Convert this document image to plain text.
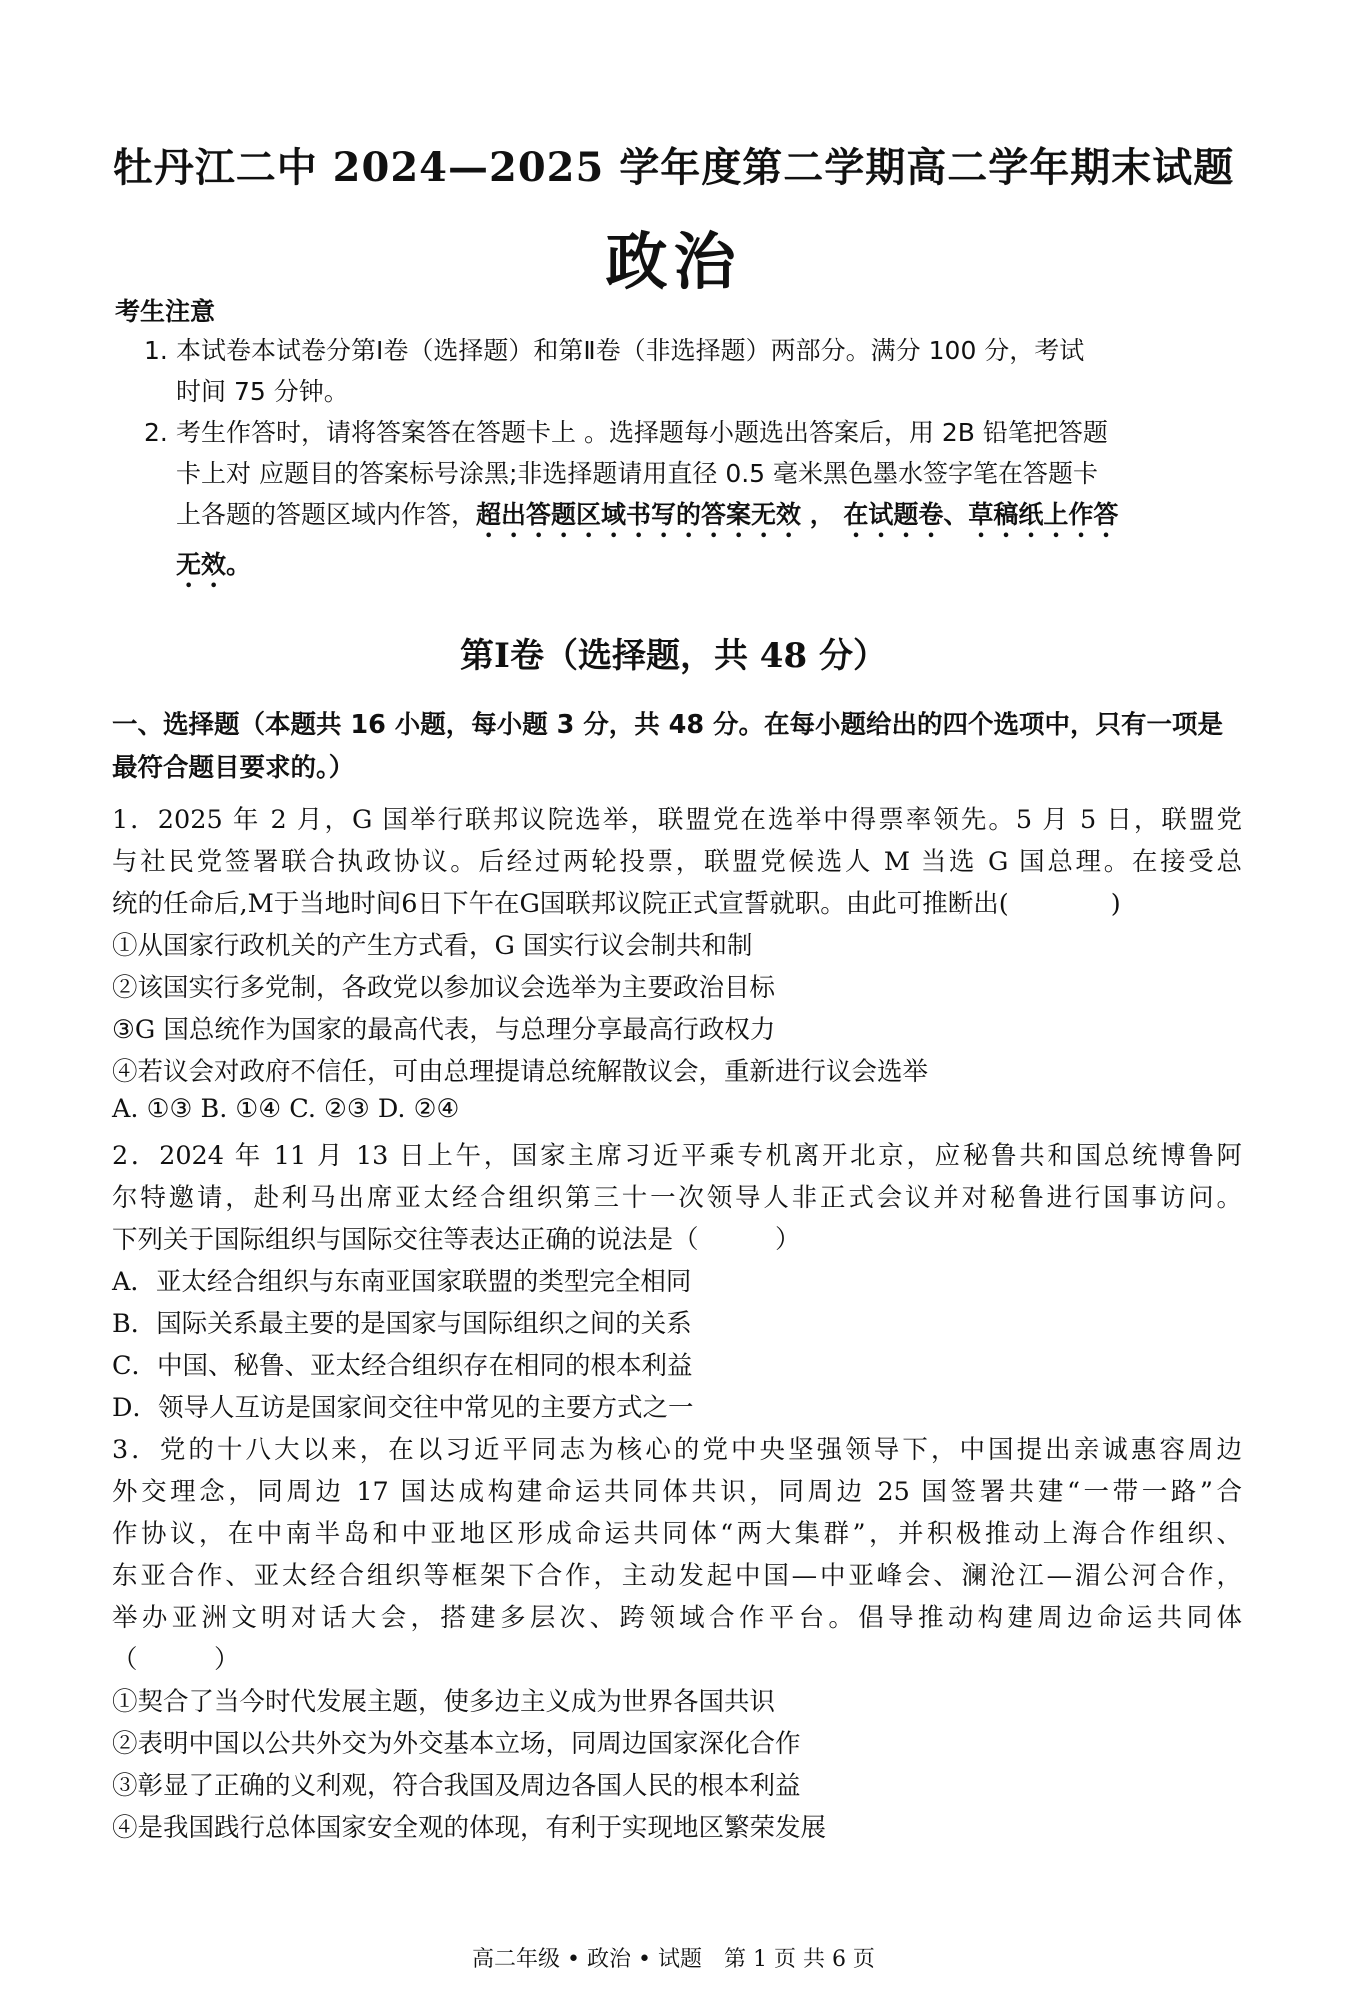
牡丹江二中 2024—2025 学年度第二学期高二学年期末试题
政治
考生注意
1. 本试卷本试卷分第Ⅰ卷（选择题）和第Ⅱ卷（非选择题）两部分。满分 100 分，考试
时间 75 分钟。
2. 考生作答时，请将答案答在答题卡上 。选择题每小题选出答案后，用 2B 铅笔把答题
卡上对 应题目的答案标号涂黑;非选择题请用直径 0.5 毫米黑色墨水签字笔在答题卡
上各题的答题区域内作答，超出答题区域书写的答案无效 ， 在试题卷、草稿纸上作答
无效。
第Ⅰ卷（选择题，共 48 分）
一、选择题（本题共 16 小题，每小题 3 分，共 48 分。在每小题给出的四个选项中，只有一项是最符合题目要求的。）
1．2025 年 2 月，G 国举行联邦议院选举，联盟党在选举中得票率领先。5 月 5 日，联盟党
与社民党签署联合执政协议。后经过两轮投票，联盟党候选人 M 当选 G 国总理。在接受总
统的任命后,M于当地时间6日下午在G国联邦议院正式宣誓就职。由此可推断出(　　　　)
①从国家行政机关的产生方式看，G 国实行议会制共和制
②该国实行多党制，各政党以参加议会选举为主要政治目标
③G 国总统作为国家的最高代表，与总理分享最高行政权力
④若议会对政府不信任，可由总理提请总统解散议会，重新进行议会选举
A. ①③ B. ①④ C. ②③ D. ②④
2．2024 年 11 月 13 日上午，国家主席习近平乘专机离开北京，应秘鲁共和国总统博鲁阿
尔特邀请，赴利马出席亚太经合组织第三十一次领导人非正式会议并对秘鲁进行国事访问。
下列关于国际组织与国际交往等表达正确的说法是（　　　）
A．亚太经合组织与东南亚国家联盟的类型完全相同
B．国际关系最主要的是国家与国际组织之间的关系
C．中国、秘鲁、亚太经合组织存在相同的根本利益
D．领导人互访是国家间交往中常见的主要方式之一
3．党的十八大以来，在以习近平同志为核心的党中央坚强领导下，中国提出亲诚惠容周边
外交理念，同周边 17 国达成构建命运共同体共识，同周边 25 国签署共建“一带一路”合
作协议，在中南半岛和中亚地区形成命运共同体“两大集群”，并积极推动上海合作组织、
东亚合作、亚太经合组织等框架下合作，主动发起中国—中亚峰会、澜沧江—湄公河合作，
举办亚洲文明对话大会，搭建多层次、跨领域合作平台。倡导推动构建周边命运共同体
（　　　）
①契合了当今时代发展主题，使多边主义成为世界各国共识
②表明中国以公共外交为外交基本立场，同周边国家深化合作
③彰显了正确的义利观，符合我国及周边各国人民的根本利益
④是我国践行总体国家安全观的体现，有利于实现地区繁荣发展
高二年级 • 政治 • 试题　第 1 页 共 6 页
